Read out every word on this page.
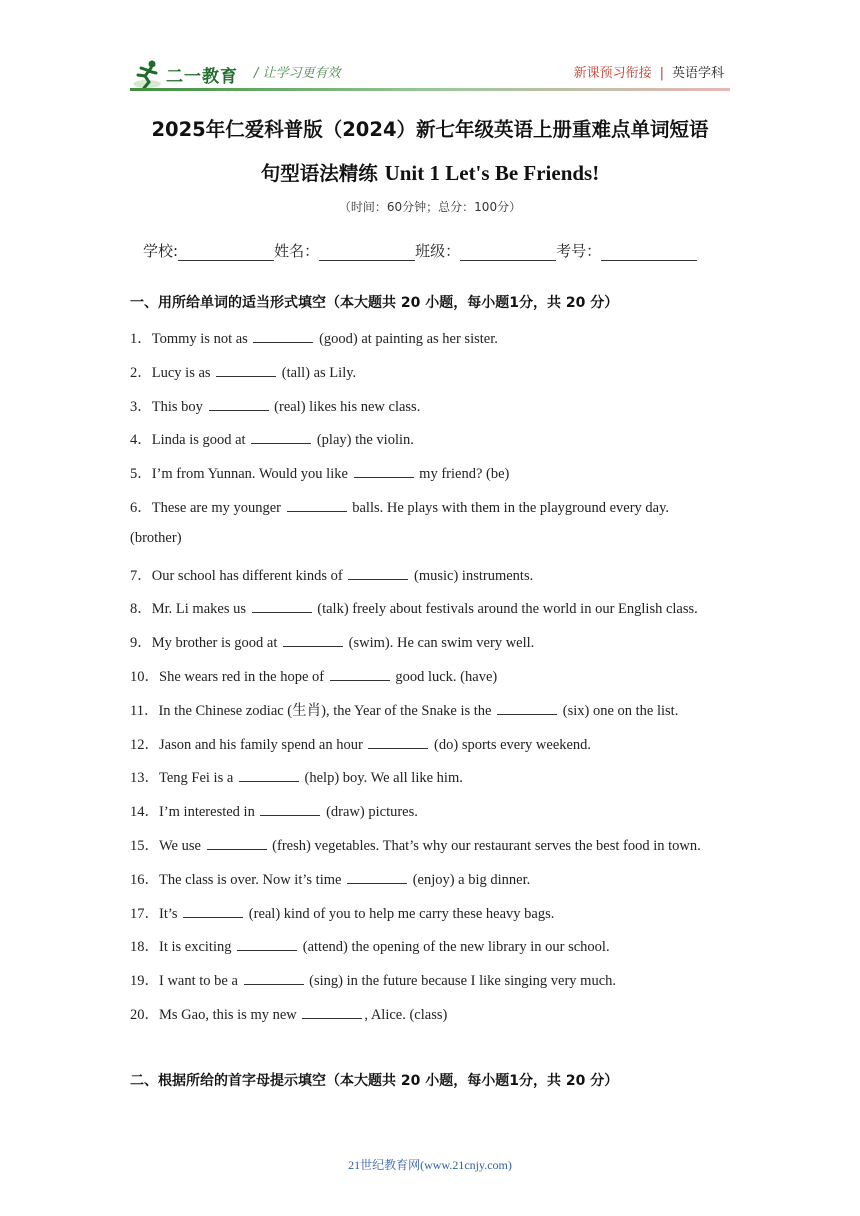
二一教育 / 让学习更有效	新课预习衔接 | 英语学科
2025年仁爱科普版（2024）新七年级英语上册重难点单词短语
句型语法精练 Unit 1 Let's Be Friends!
（时间：60分钟；总分：100分）
学校:	姓名：	班级：	考号：
一、用所给单词的适当形式填空（本大题共 20 小题，每小题1分，共 20 分）
1．Tommy is not as	(good) at painting as her sister.
2．Lucy is as	(tall) as Lily.
3．This boy	(real) likes his new class.
4．Linda is good at	(play) the violin.
5．I’m from Yunnan. Would you like	my friend? (be)
6．These are my younger	balls. He plays with them in the playground every day.
(brother)
7．Our school has different kinds of	(music) instruments.
8．Mr. Li makes us	(talk) freely about festivals around the world in our English class.
9．My brother is good at	(swim). He can swim very well.
10．She wears red in the hope of	good luck. (have)
11．In the Chinese zodiac (生肖), the Year of the Snake is the	(six) one on the list.
12．Jason and his family spend an hour	(do) sports every weekend.
13．Teng Fei is a	(help) boy. We all like him.
14．I’m interested in	(draw) pictures.
15．We use	(fresh) vegetables. That’s why our restaurant serves the best food in town.
16．The class is over. Now it’s time	(enjoy) a big dinner.
17．It’s	(real) kind of you to help me carry these heavy bags.
18．It is exciting	(attend) the opening of the new library in our school.
19．I want to be a	(sing) in the future because I like singing very much.
20．Ms Gao, this is my new	, Alice. (class)
二、根据所给的首字母提示填空（本大题共 20 小题，每小题1分，共 20 分）
21世纪教育网(www.21cnjy.com)
